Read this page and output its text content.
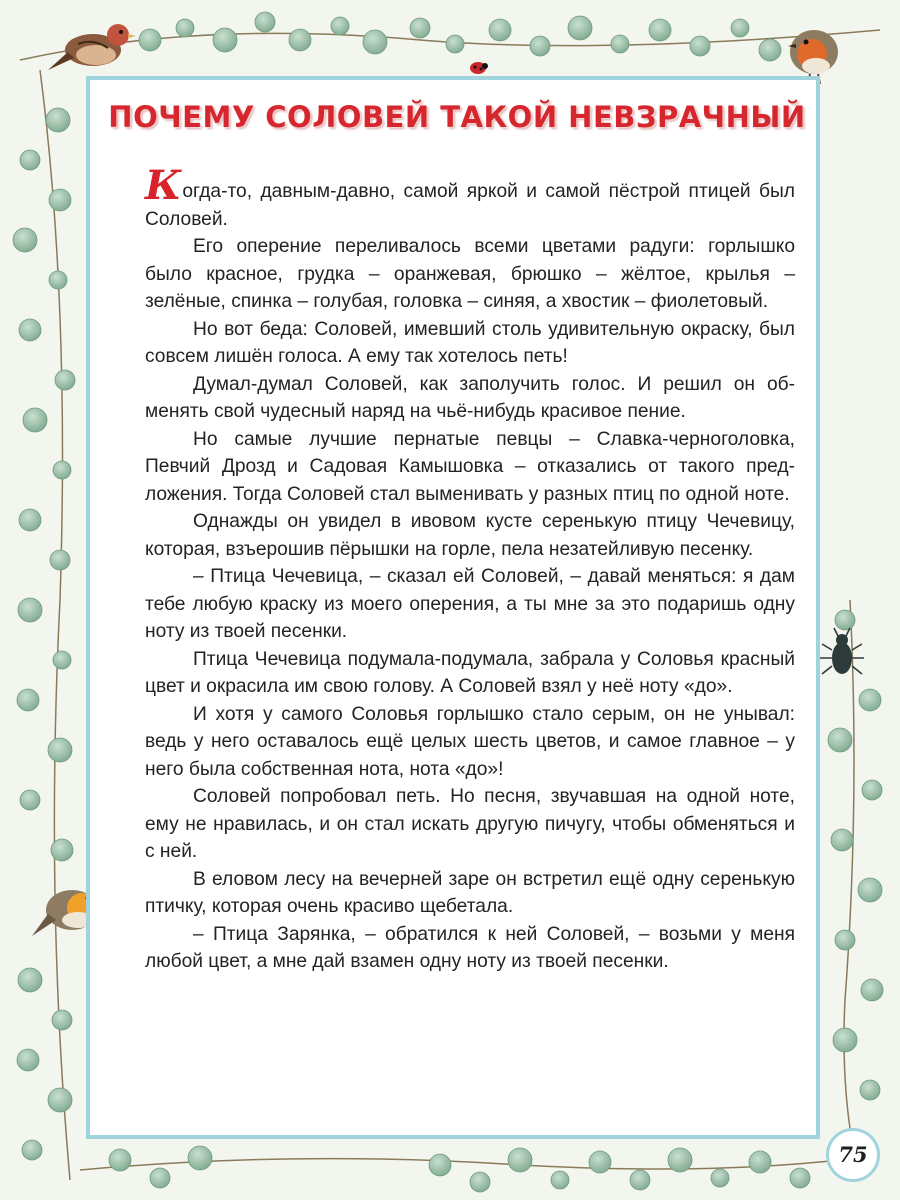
ПОЧЕМУ СОЛОВЕЙ ТАКОЙ НЕВЗРАЧНЫЙ

Когда-то, давным-давно, самой яркой и самой пёстрой птицей был Соловей.

Его оперение переливалось всеми цветами радуги: горлышко было красное, грудка – оранжевая, брюшко – жёлтое, крылья – зелёные, спинка – голубая, головка – синяя, а хвостик – фиолетовый.

Но вот беда: Соловей, имевший столь удивительную окраску, был совсем лишён голоса. А ему так хотелось петь!

Думал-думал Соловей, как заполучить голос. И решил он обменять свой чудесный наряд на чьё-нибудь красивое пение.

Но самые лучшие пернатые певцы – Славка-черноголовка, Певчий Дрозд и Садовая Камышовка – отказались от такого предложения. Тогда Соловей стал выменивать у разных птиц по одной ноте.

Однажды он увидел в ивовом кусте серенькую птицу Чечевицу, которая, взъерошив пёрышки на горле, пела незатейливую песенку.

– Птица Чечевица, – сказал ей Соловей, – давай меняться: я дам тебе любую краску из моего оперения, а ты мне за это подаришь одну ноту из твоей песенки.

Птица Чечевица подумала-подумала, забрала у Соловья красный цвет и окрасила им свою голову. А Соловей взял у неё ноту «до».

И хотя у самого Соловья горлышко стало серым, он не унывал: ведь у него оставалось ещё целых шесть цветов, и самое главное – у него была собственная нота, нота «до»!

Соловей попробовал петь. Но песня, звучавшая на одной ноте, ему не нравилась, и он стал искать другую пичугу, чтобы обменяться и с ней.

В еловом лесу на вечерней заре он встретил ещё одну серенькую птичку, которая очень красиво щебетала.

– Птица Зарянка, – обратился к ней Соловей, – возьми у меня любой цвет, а мне дай взамен одну ноту из твоей песенки.

75
